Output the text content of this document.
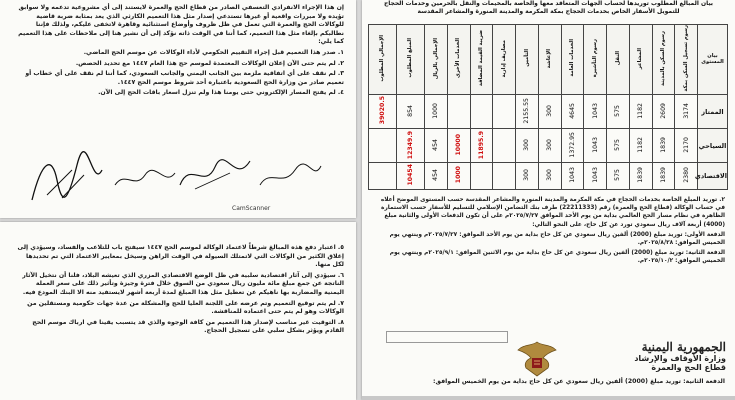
إن هذا الإجراء الانفرادي التعسفي الصادر من قطاع الحج والعمرة لايستند إلى أي مشروعية تدعمه ولا سوابق تؤيده ولا مبررات واقعية أو غيرها تستدعي إصدار مثل هذا التعميم الكارثي الذي يعد بمثابة ضربة قاضية للوكالات الحج والعمرة التي تعمل في ظل ظروف وأوضاع استثنائية وقاهرة لاتخفى عليكم، ولذلك فإننا نطالبكم بإلغاء مثل هذا التعميم، كما أننا في الوقت ذاته نؤكد إلى أن نشير هنا إلى ملاحظات على هذا التعميم كما يلي:

١. صدر هذا التعميم قبل إجراء التقييم الحكومي لأداء الوكالات عن موسم الحج الماضي.
٢. لم يتم حتى الآن إعلان الوكالات المعتمدة لموسم حج هذا العام ١٤٤٧ مع تحديد الحصص.
٣. لم نقف على أي اتفاقية ملزمة بين الجانب اليمني والجانب السعودي، كما أننا لم نقف على أي خطاب أو تعميم صادر من وزارة الحج السعودية باعتباره أحد شروط موسم الحج ١٤٤٧.
٤. لم يفتح المسار الإلكتروني حتى يومنا هذا ولم تنزل اسعار باقات الحج إلى الآن.
CamScanner
٥. اعتبار دفع هذه المبالغ شرطاً لاعتماد الوكالة لموسم الحج ١٤٤٧ سيفتح باب للتلاعب والفساد، وسيؤدي إلى إغلاق الكثير من الوكالات التي لاتمتلك السيولة في الوقت الراهن وسيخل بمعايير الاعتماد التي تم تحديدها لكل منها.
٦. سيؤدي إلى آثار اقتصادية سلبية في ظل الوضع الاقتصادي المزري الذي تعيشه البلاد، فلنا أن نتخيل الآثار الناتجة عن جمع مبلغ مائة مليون ريال سعودي من السوق خلال فترة وجيزة وتأثير ذلك على سعر العملة اليمنية والمضاربة بها ناهيكم عن تعطيل مثل هذا المبلغ لمدة أربعة أشهر لايستفيد منه الا البنك المودع فيه.
٧. لم يتم توقيع التعميم وتم عرضه على اللجنة العليا للحج والمشكلة من عدة جهات حكومية ومستقلين من الوكالات وهو لم يتم حتى اعتماده للمناقشة.
٨. التوقيت غير مناسب لإصدار هذا التعميم من كافة الوجوه والذي قد يتسبب يقينا في ارباك موسم الحج القادم ويؤثر بشكل سلبي على تسجيل الحجاج.
بيان المبالغ المطلوب توريدها لحساب الجهات المتعاقد معها والخاصة بالمخيمات والنقل بالحرمين وخدمات الحجاج
للتمويل الأسفار الخاص بخدمات الحجاج بمكة المكرمة والمدينة المنورة والمشاعر المقدسة
بيان المستوى	رسوم تسجيل السكن بمكة	رسوم السكن بالمدينة	المشاعر	النقل	رسوم التأشيرة	الخدمات العامة	الإعاشة	التأمين	مصاريف إدارية	ضريبة القيمة المضافة	الخدمات الأخرى	الإجمالي بالريال	المبلغ المطلوب	الإجمالي المطلوب
الممتاز	3174	2609	1182	575	1043	4645	300	2155.55				1000	854	39020.5
السياحي	2170	1839	1182	575	1043	1372.95	300	300		11895.9	10000	454	12349.9	
الاقتصادي	2380	1839	1839	575	1043	1043	300	300			1000	454	10454	

٢. توريد المبلغ الخاصة بخدمات الحجاج في مكة المكرمة والمدينة المنورة والمشاعر المقدسة حسب المستوى الموضح أعلاه في حساب الوكالة (قطاع الحج والعمرة) رقم (22211333) طرف بنك التضامن الإسلامي للتسليم للأسفار حسب الاستمارة الظاهرة في نظام مسار الحج العالمي بداية من يوم الأحد الموافق ٢٠٢٥/٧/٢٧م على أن تكون الدفعات الأولى والثانية مبلغ (4000) أربعة آلاف ريال سعودي تورد عن كل حاج، على النحو التالي:

الدفعة الأولى: توريد مبلغ (2000) ألفين ريال سعودي عن كل حاج بداية من يوم الأحد الموافق: ٢٠٢٥/٧/٢٧م وينتهي يوم الخميس الموافق: ٢٠٢٥/٨/٢٨م.

الدفعة الثانية: توريد مبلغ (2000) ألفين ريال سعودي عن كل حاج بداية من يوم الاثنين الموافق: ٢٠٢٥/٩/١م وينتهي يوم الخميس الموافق: ٢٠٢٥/١٠/٢م.

الجمهورية اليمنية
وزارة الأوقاف والإرشاد
قطاع الحج والعمرة

الدفعة الثانية: توريد مبلغ (2000) ألفين ريال سعودي عن كل حاج بداية من يوم الخميس الموافق:
